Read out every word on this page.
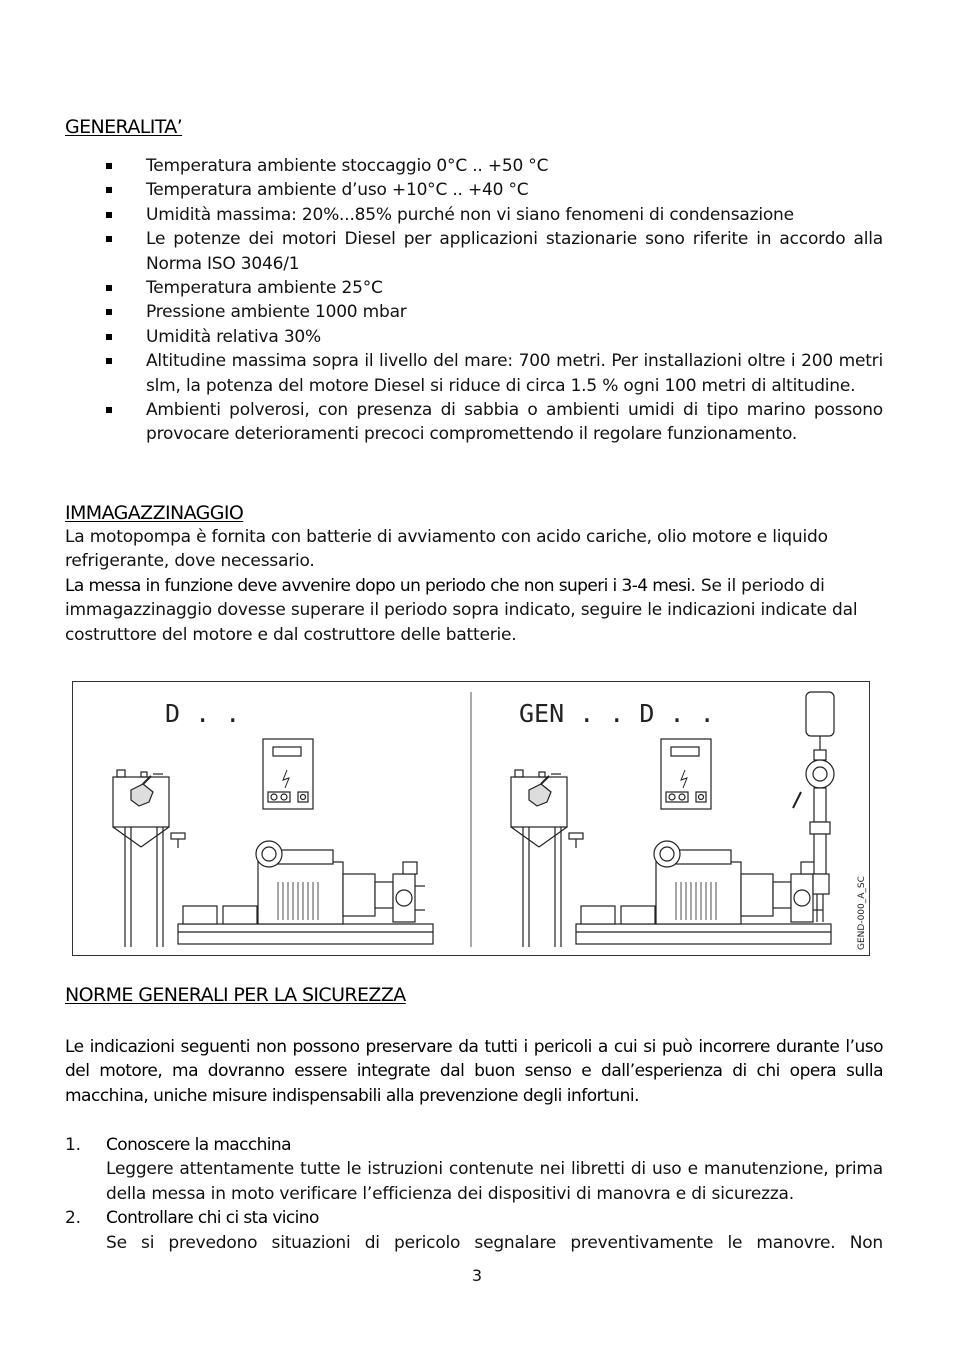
GENERALITA’
Temperatura ambiente stoccaggio 0°C .. +50 °C
Temperatura ambiente d’uso +10°C .. +40 °C
Umidità massima: 20%...85% purché non vi siano fenomeni di condensazione
Le potenze dei motori Diesel per applicazioni stazionarie sono riferite in accordo alla Norma ISO 3046/1
Temperatura ambiente 25°C
Pressione ambiente 1000 mbar
Umidità relativa 30%
Altitudine massima sopra il livello del mare: 700 metri. Per installazioni oltre i 200 metri slm, la potenza del motore Diesel si riduce di circa 1.5 % ogni 100 metri di altitudine.
Ambienti polverosi, con presenza di sabbia o ambienti umidi di tipo marino possono provocare deterioramenti precoci compromettendo il regolare funzionamento.
IMMAGAZZINAGGIO

La motopompa è fornita con batterie di avviamento con acido cariche, olio motore e liquido refrigerante, dove necessario.
La messa in funzione deve avvenire dopo un periodo che non superi i 3-4 mesi. Se il periodo di immagazzinaggio dovesse superare il periodo sopra indicato, seguire le indicazioni indicate dal costruttore del motore e dal costruttore delle batterie.

D . .	GEN . . D . .
GEND-000_A_SC
NORME GENERALI PER LA SICUREZZA

Le indicazioni seguenti non possono preservare da tutti i pericoli a cui si può incorrere durante l’uso del motore, ma dovranno essere integrate dal buon senso e dall’esperienza di chi opera sulla macchina, uniche misure indispensabili alla prevenzione degli infortuni.

1. Conoscere la macchina
Leggere attentamente tutte le istruzioni contenute nei libretti di uso e manutenzione, prima della messa in moto verificare l’efficienza dei dispositivi di manovra e di sicurezza.
2. Controllare chi ci sta vicino
Se si prevedono situazioni di pericolo segnalare preventivamente le manovre. Non
3
